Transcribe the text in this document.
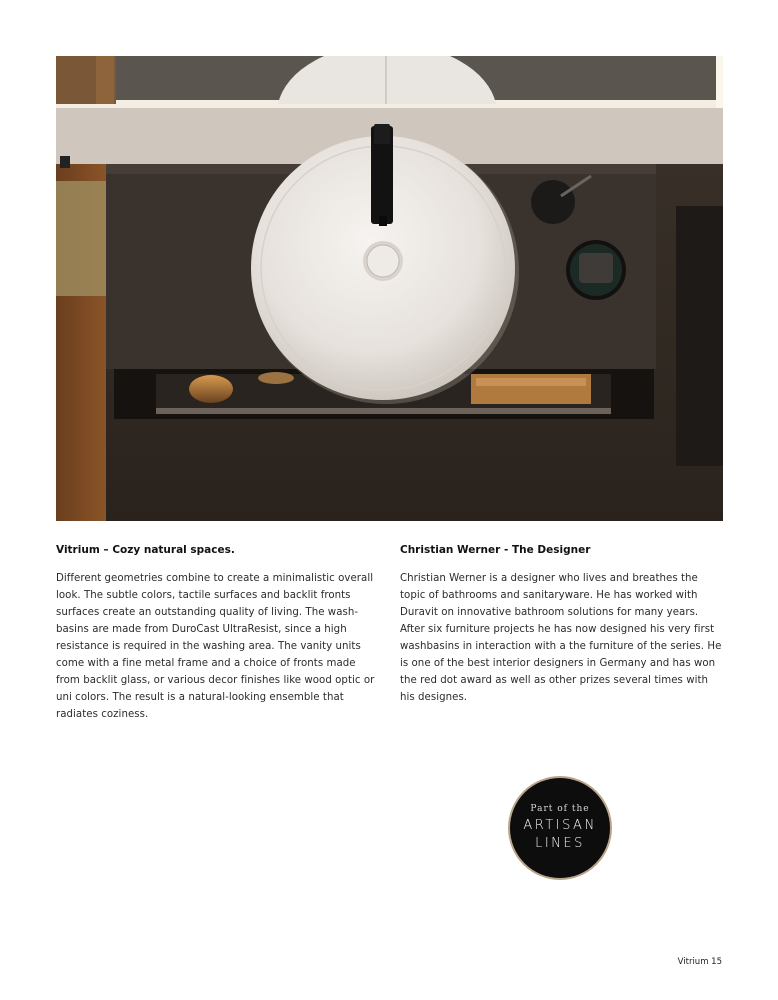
Vitrium – Cozy natural spaces.

Different geometries combine to create a minimalistic overall look. The subtle colors, tactile surfaces and backlit fronts surfaces create an outstanding quality of living. The wash-basins are made from DuroCast UltraResist, since a high resistance is required in the washing area. The vanity units come with a fine metal frame and a choice of fronts made from backlit glass, or various decor finishes like wood optic or uni colors. The result is a natural-looking ensemble that radiates coziness.

Christian Werner - The Designer

Christian Werner is a designer who lives and breathes the topic of bathrooms and sanitaryware. He has worked with Duravit on innovative bathroom solutions for many years. After six furniture projects he has now designed his very first washbasins in interaction with a the furniture of the series. He is one of the best interior designers in Germany and has won the red dot award as well as other prizes several times with his designes.

Part of the
ARTISAN
LINES
Vitrium 15
